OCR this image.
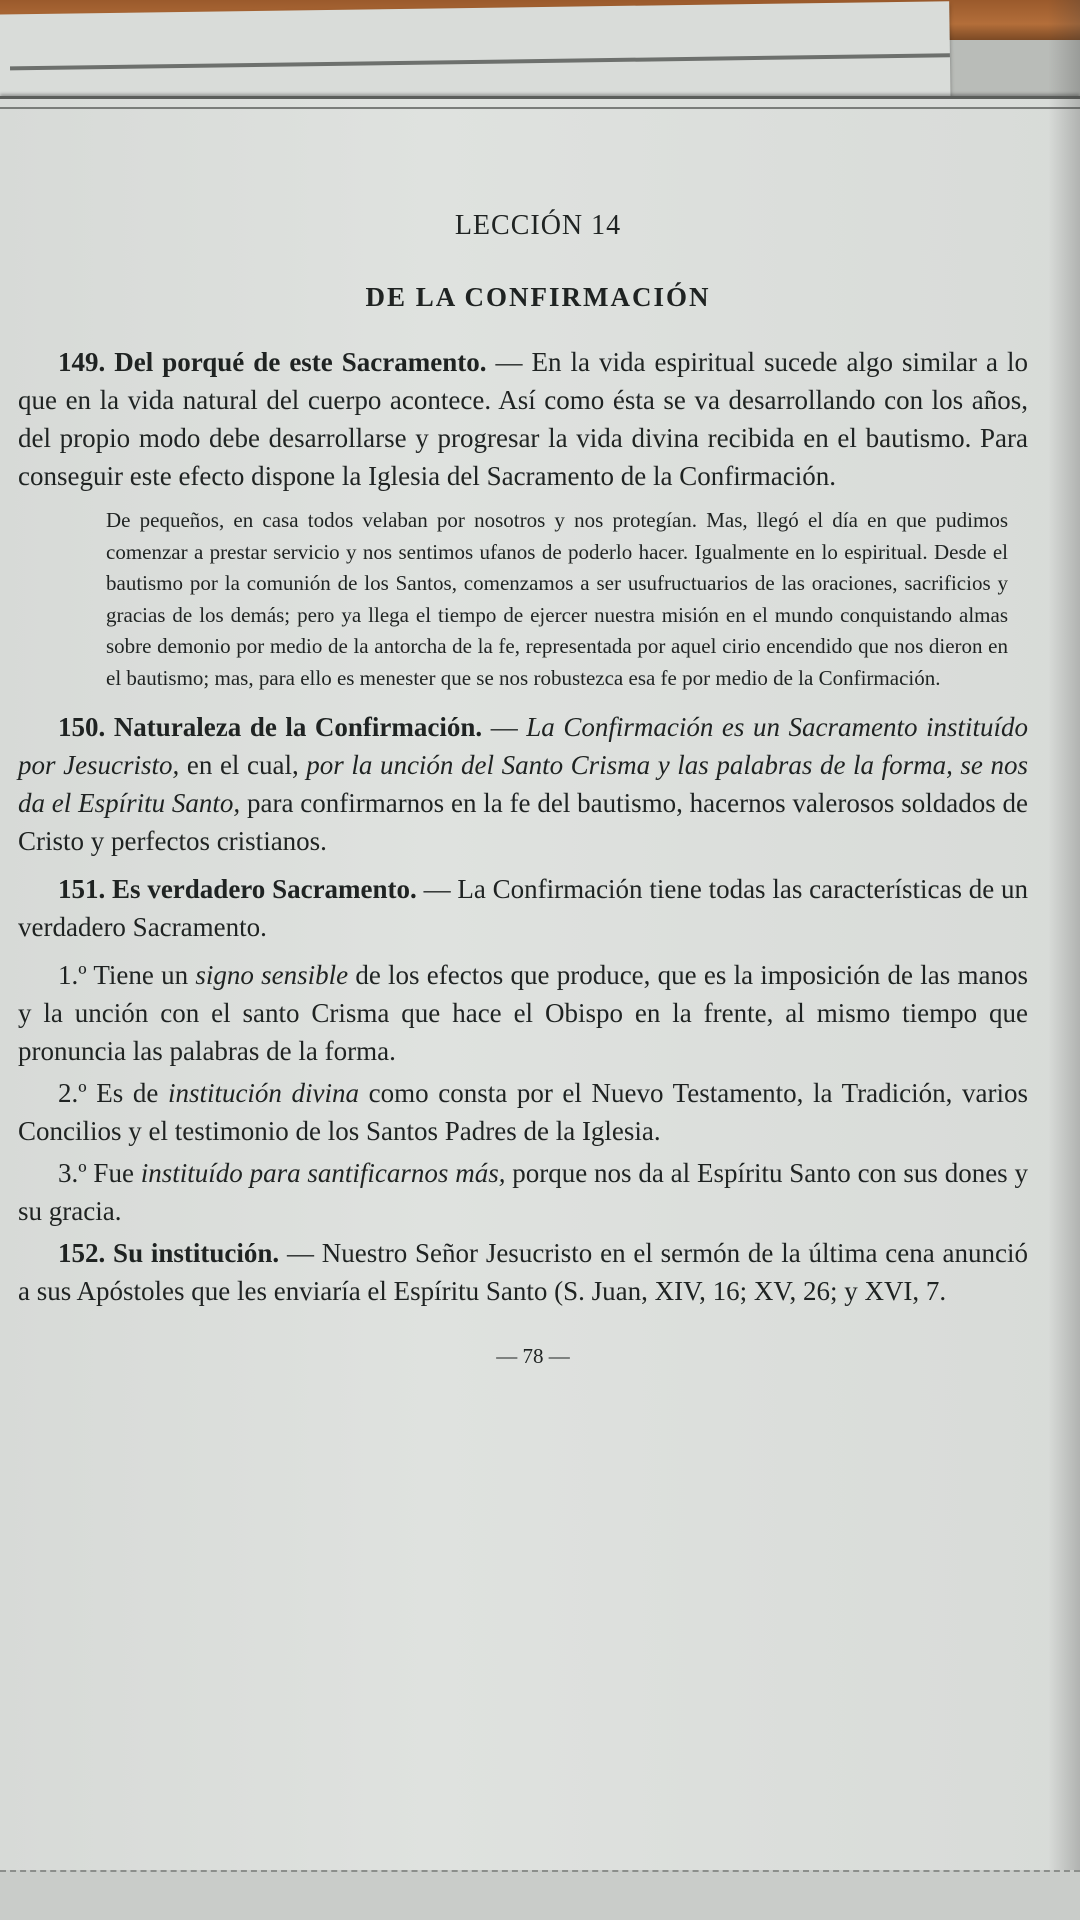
LECCIÓN 14
DE LA CONFIRMACIÓN

149. Del porqué de este Sacramento. — En la vida espiritual sucede algo similar a lo que en la vida natural del cuerpo acontece. Así como ésta se va desarrollando con los años, del propio modo debe desarrollarse y progresar la vida divina recibida en el bautismo. Para conseguir este efecto dispone la Iglesia del Sacramento de la Confirmación.

De pequeños, en casa todos velaban por nosotros y nos protegían. Mas, llegó el día en que pudimos comenzar a prestar servicio y nos sentimos ufanos de poderlo hacer. Igualmente en lo espiritual. Desde el bautismo por la comunión de los Santos, comenzamos a ser usufructuarios de las oraciones, sacrificios y gracias de los demás; pero ya llega el tiempo de ejercer nuestra misión en el mundo conquistando almas sobre demonio por medio de la antorcha de la fe, representada por aquel cirio encendido que nos dieron en el bautismo; mas, para ello es menester que se nos robustezca esa fe por medio de la Confirmación.

150. Naturaleza de la Confirmación. — La Confirmación es un Sacramento instituído por Jesucristo, en el cual, por la unción del Santo Crisma y las palabras de la forma, se nos da el Espíritu Santo, para confirmarnos en la fe del bautismo, hacernos valerosos soldados de Cristo y perfectos cristianos.

151. Es verdadero Sacramento. — La Confirmación tiene todas las características de un verdadero Sacramento.

1.º Tiene un signo sensible de los efectos que produce, que es la imposición de las manos y la unción con el santo Crisma que hace el Obispo en la frente, al mismo tiempo que pronuncia las palabras de la forma.

2.º Es de institución divina como consta por el Nuevo Testamento, la Tradición, varios Concilios y el testimonio de los Santos Padres de la Iglesia.

3.º Fue instituído para santificarnos más, porque nos da al Espíritu Santo con sus dones y su gracia.

152. Su institución. — Nuestro Señor Jesucristo en el sermón de la última cena anunció a sus Apóstoles que les enviaría el Espíritu Santo (S. Juan, XIV, 16; XV, 26; y XVI, 7.

— 78 —
